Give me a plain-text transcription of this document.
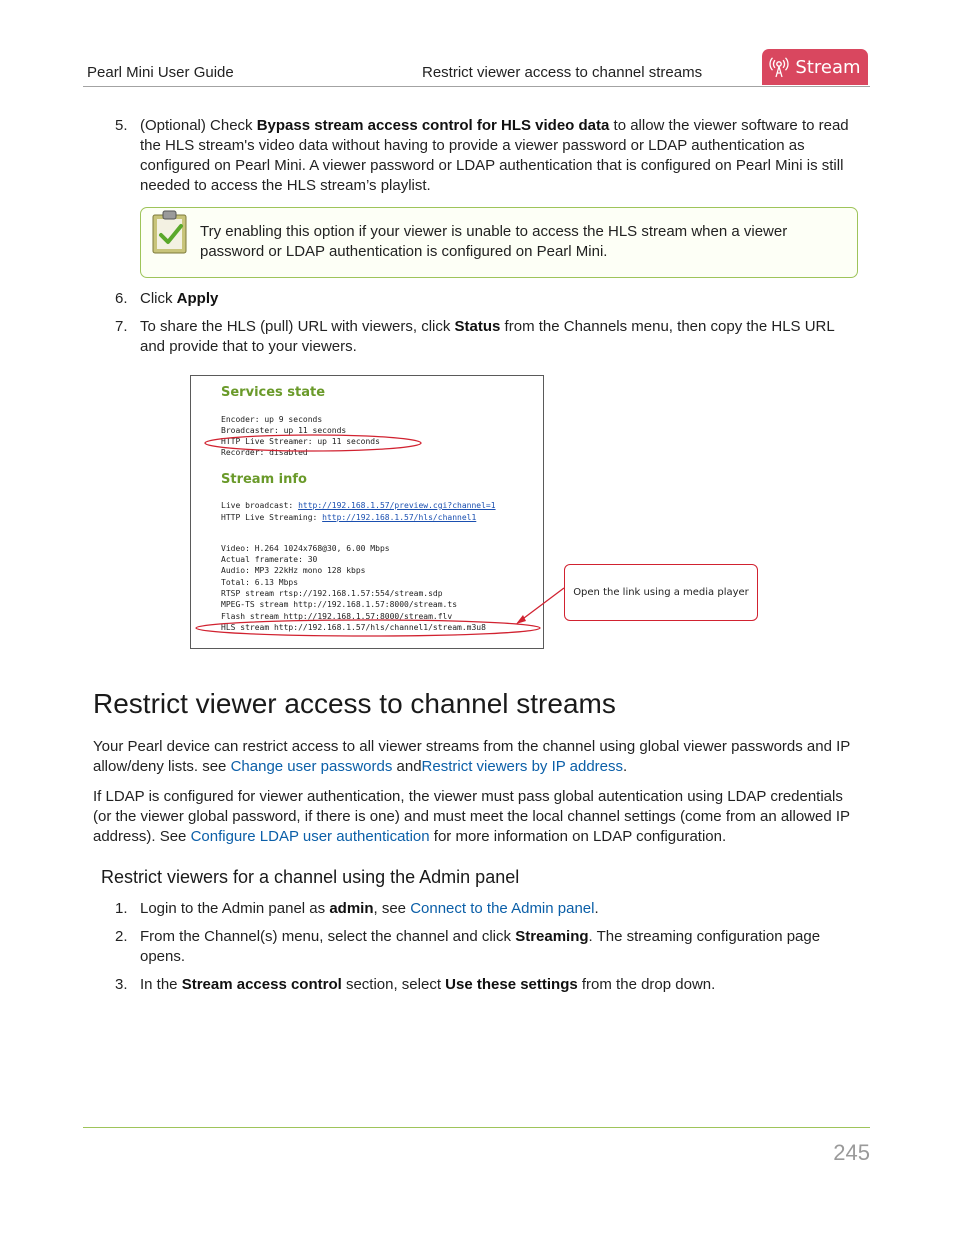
Pearl Mini User Guide	Restrict viewer access to channel streams	Stream
5. (Optional) Check Bypass stream access control for HLS video data to allow the viewer software to read the HLS stream's video data without having to provide a viewer password or LDAP authentication as configured on Pearl Mini. A viewer password or LDAP authentication that is configured on Pearl Mini is still needed to access the HLS stream’s playlist.
Try enabling this option if your viewer is unable to access the HLS stream when a viewer password or LDAP authentication is configured on Pearl Mini.
6. Click Apply
7. To share the HLS (pull) URL with viewers, click Status from the Channels menu, then copy the HLS URL and provide that to your viewers.
Services state
Encoder: up 9 seconds
Broadcaster: up 11 seconds
HTTP Live Streamer: up 11 seconds
Recorder: disabled
Stream info
Live broadcast: http://192.168.1.57/preview.cgi?channel=1
HTTP Live Streaming: http://192.168.1.57/hls/channel1
Video: H.264 1024x768@30, 6.00 Mbps
Actual framerate: 30
Audio: MP3 22kHz mono 128 kbps
Total: 6.13 Mbps
RTSP stream rtsp://192.168.1.57:554/stream.sdp
MPEG-TS stream http://192.168.1.57:8000/stream.ts
Flash stream http://192.168.1.57:8000/stream.flv
HLS stream http://192.168.1.57/hls/channel1/stream.m3u8
Open the link using a media player
Restrict viewer access to channel streams
Your Pearl device can restrict access to all viewer streams from the channel using global viewer passwords and IP allow/deny lists. see Change user passwords andRestrict viewers by IP address.
If LDAP is configured for viewer authentication, the viewer must pass global autentication using LDAP credentials (or the viewer global password, if there is one) and must meet the local channel settings (come from an allowed IP address). See Configure LDAP user authentication for more information on LDAP configuration.
Restrict viewers for a channel using the Admin panel
1. Login to the Admin panel as admin, see Connect to the Admin panel.
2. From the Channel(s) menu, select the channel and click Streaming. The streaming configuration page opens.
3. In the Stream access control section, select Use these settings from the drop down.
245
